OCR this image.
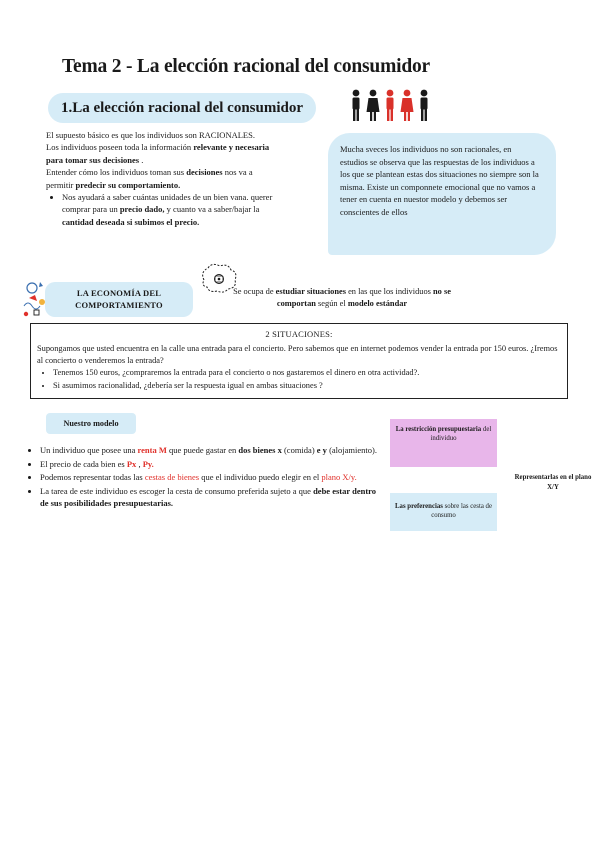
Tema 2 - La elección racional del consumidor
1.La elección racional del consumidor

El supuesto básico es que los individuos son RACIONALES.

Los individuos poseen toda la información relevante y necesaria para tomar sus decisiones .

Entender cómo los individuos toman sus decisiones nos va a permitir predecir su comportamiento.

• Nos ayudará a saber cuántas unidades de un bien vana. querer comprar para un precio dado, y cuanto va a saber/bajar la cantidad deseada si subimos el precio.
Mucha sveces los individuos no son racionales, en estudios se observa que las respuestas de los individuos a los que se plantean estas dos situaciones no siempre son la misma. Existe un componnete emocional que no vamos a tener en cuenta en nuestor modelo y debemos ser conscientes de ellos
LA ECONOMÍA DEL
COMPORTAMIENTO
Se ocupa de estudiar situaciones en las que los individuos no se comportan según el modelo estándar
2 SITUACIONES:

Supongamos que usted encuentra en la calle una entrada para el concierto. Pero sabemos que en internet podemos vender la entrada por 150 euros. ¿Iremos al concierto o venderemos la entrada?

• Tenemos 150 euros, ¿compraremos la entrada para el concierto o nos gastaremos el dinero en otra actividad?.
• Si asumimos racionalidad, ¿debería ser la respuesta igual en ambas situaciones ?
Nuestro modelo
• Un individuo que posee una renta M que puede gastar en dos bienes x (comida) e y (alojamiento).
• El precio de cada bien es Px , Py.
• Podemos representar todas las cestas de bienes que el individuo puedo elegir en el plano X/y.
• La tarea de este individuo es escoger la cesta de consumo preferida sujeto a que debe estar dentro de sus posibilidades presupuestarias.
La restricción presupuestaria del individuo
Las preferencias sobre las cesta de consumo
Representarlas en el plano X/Y
